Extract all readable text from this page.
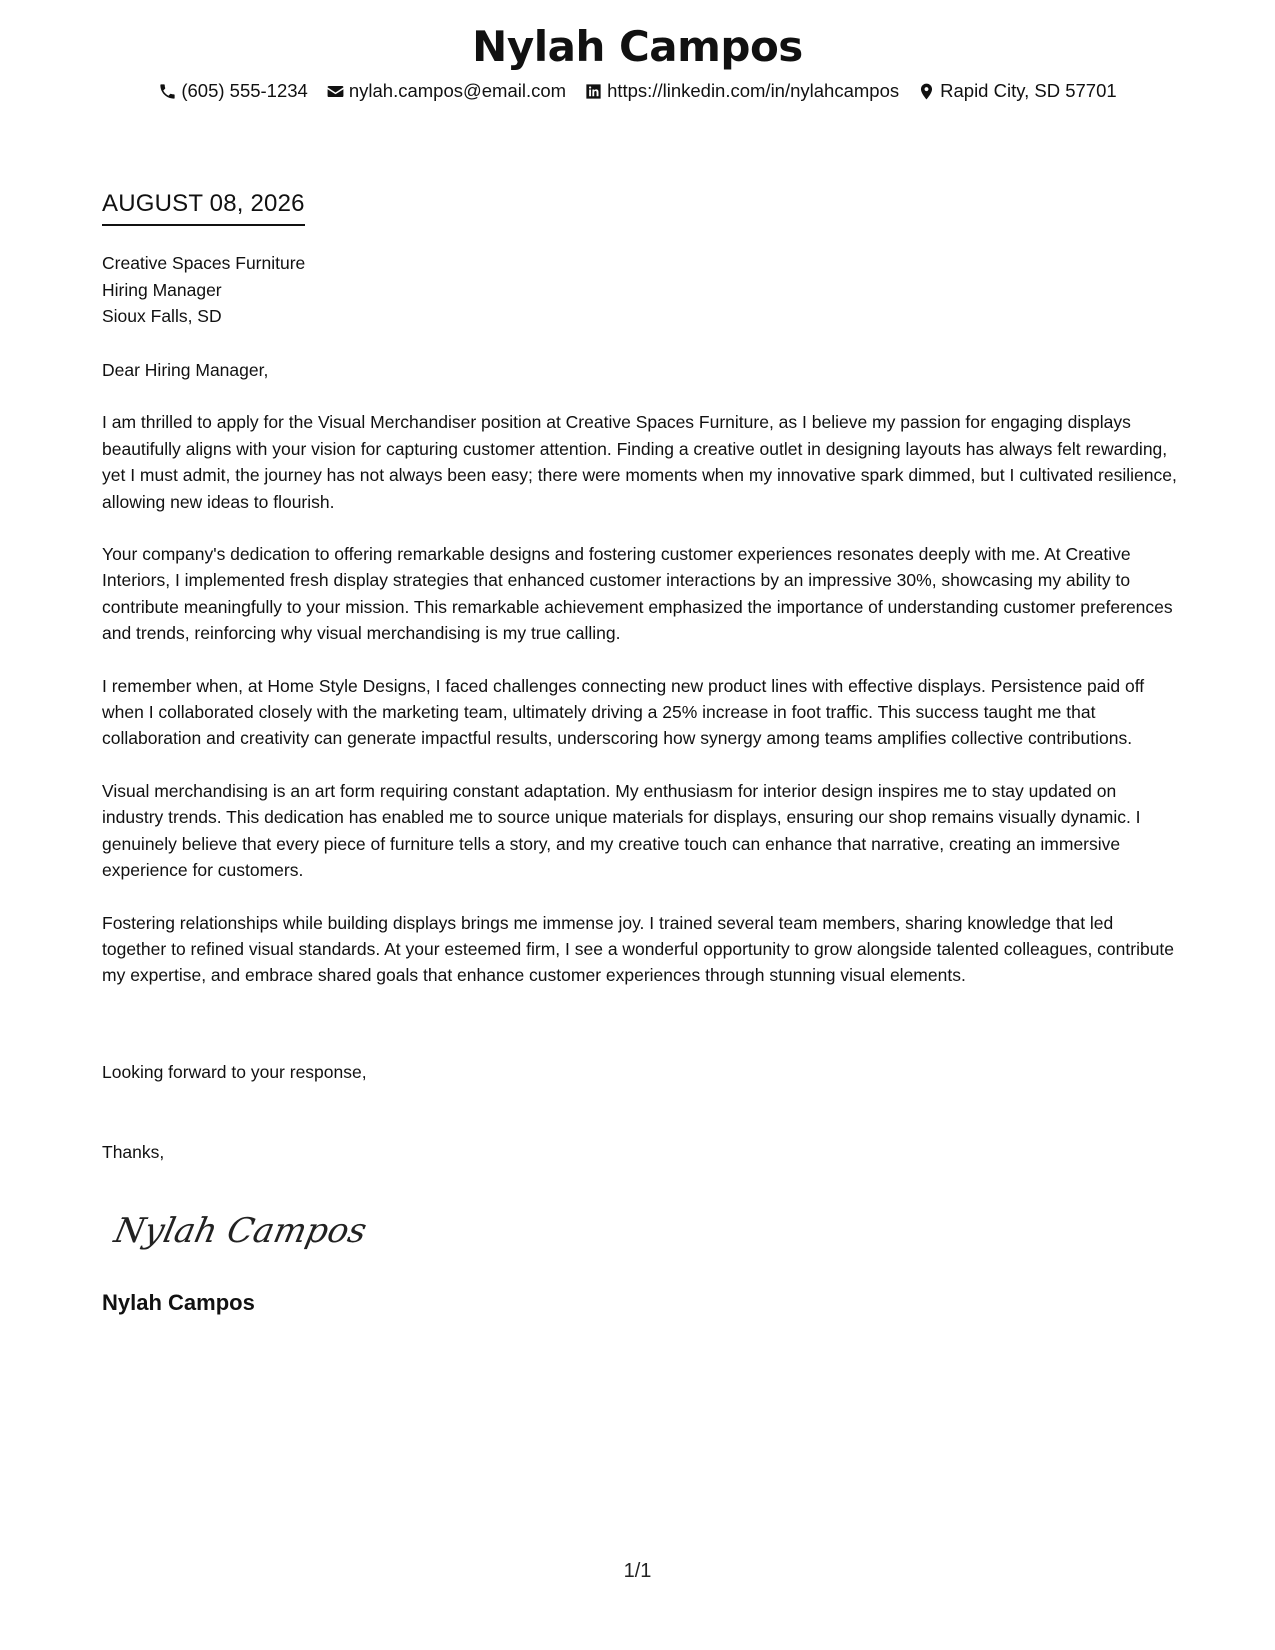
Nylah Campos
(605) 555-1234 nylah.campos@email.com https://linkedin.com/in/nylahcampos Rapid City, SD 57701
AUGUST 08, 2026
Creative Spaces Furniture
Hiring Manager
Sioux Falls, SD

Dear Hiring Manager,

I am thrilled to apply for the Visual Merchandiser position at Creative Spaces Furniture, as I believe my passion for engaging displays beautifully aligns with your vision for capturing customer attention. Finding a creative outlet in designing layouts has always felt rewarding, yet I must admit, the journey has not always been easy; there were moments when my innovative spark dimmed, but I cultivated resilience, allowing new ideas to flourish.

Your company's dedication to offering remarkable designs and fostering customer experiences resonates deeply with me. At Creative Interiors, I implemented fresh display strategies that enhanced customer interactions by an impressive 30%, showcasing my ability to contribute meaningfully to your mission. This remarkable achievement emphasized the importance of understanding customer preferences and trends, reinforcing why visual merchandising is my true calling.

I remember when, at Home Style Designs, I faced challenges connecting new product lines with effective displays. Persistence paid off when I collaborated closely with the marketing team, ultimately driving a 25% increase in foot traffic. This success taught me that collaboration and creativity can generate impactful results, underscoring how synergy among teams amplifies collective contributions.

Visual merchandising is an art form requiring constant adaptation. My enthusiasm for interior design inspires me to stay updated on industry trends. This dedication has enabled me to source unique materials for displays, ensuring our shop remains visually dynamic. I genuinely believe that every piece of furniture tells a story, and my creative touch can enhance that narrative, creating an immersive experience for customers.

Fostering relationships while building displays brings me immense joy. I trained several team members, sharing knowledge that led together to refined visual standards. At your esteemed firm, I see a wonderful opportunity to grow alongside talented colleagues, contribute my expertise, and embrace shared goals that enhance customer experiences through stunning visual elements.

Looking forward to your response,
Thanks,
Nylah Campos
Nylah Campos
1/1
